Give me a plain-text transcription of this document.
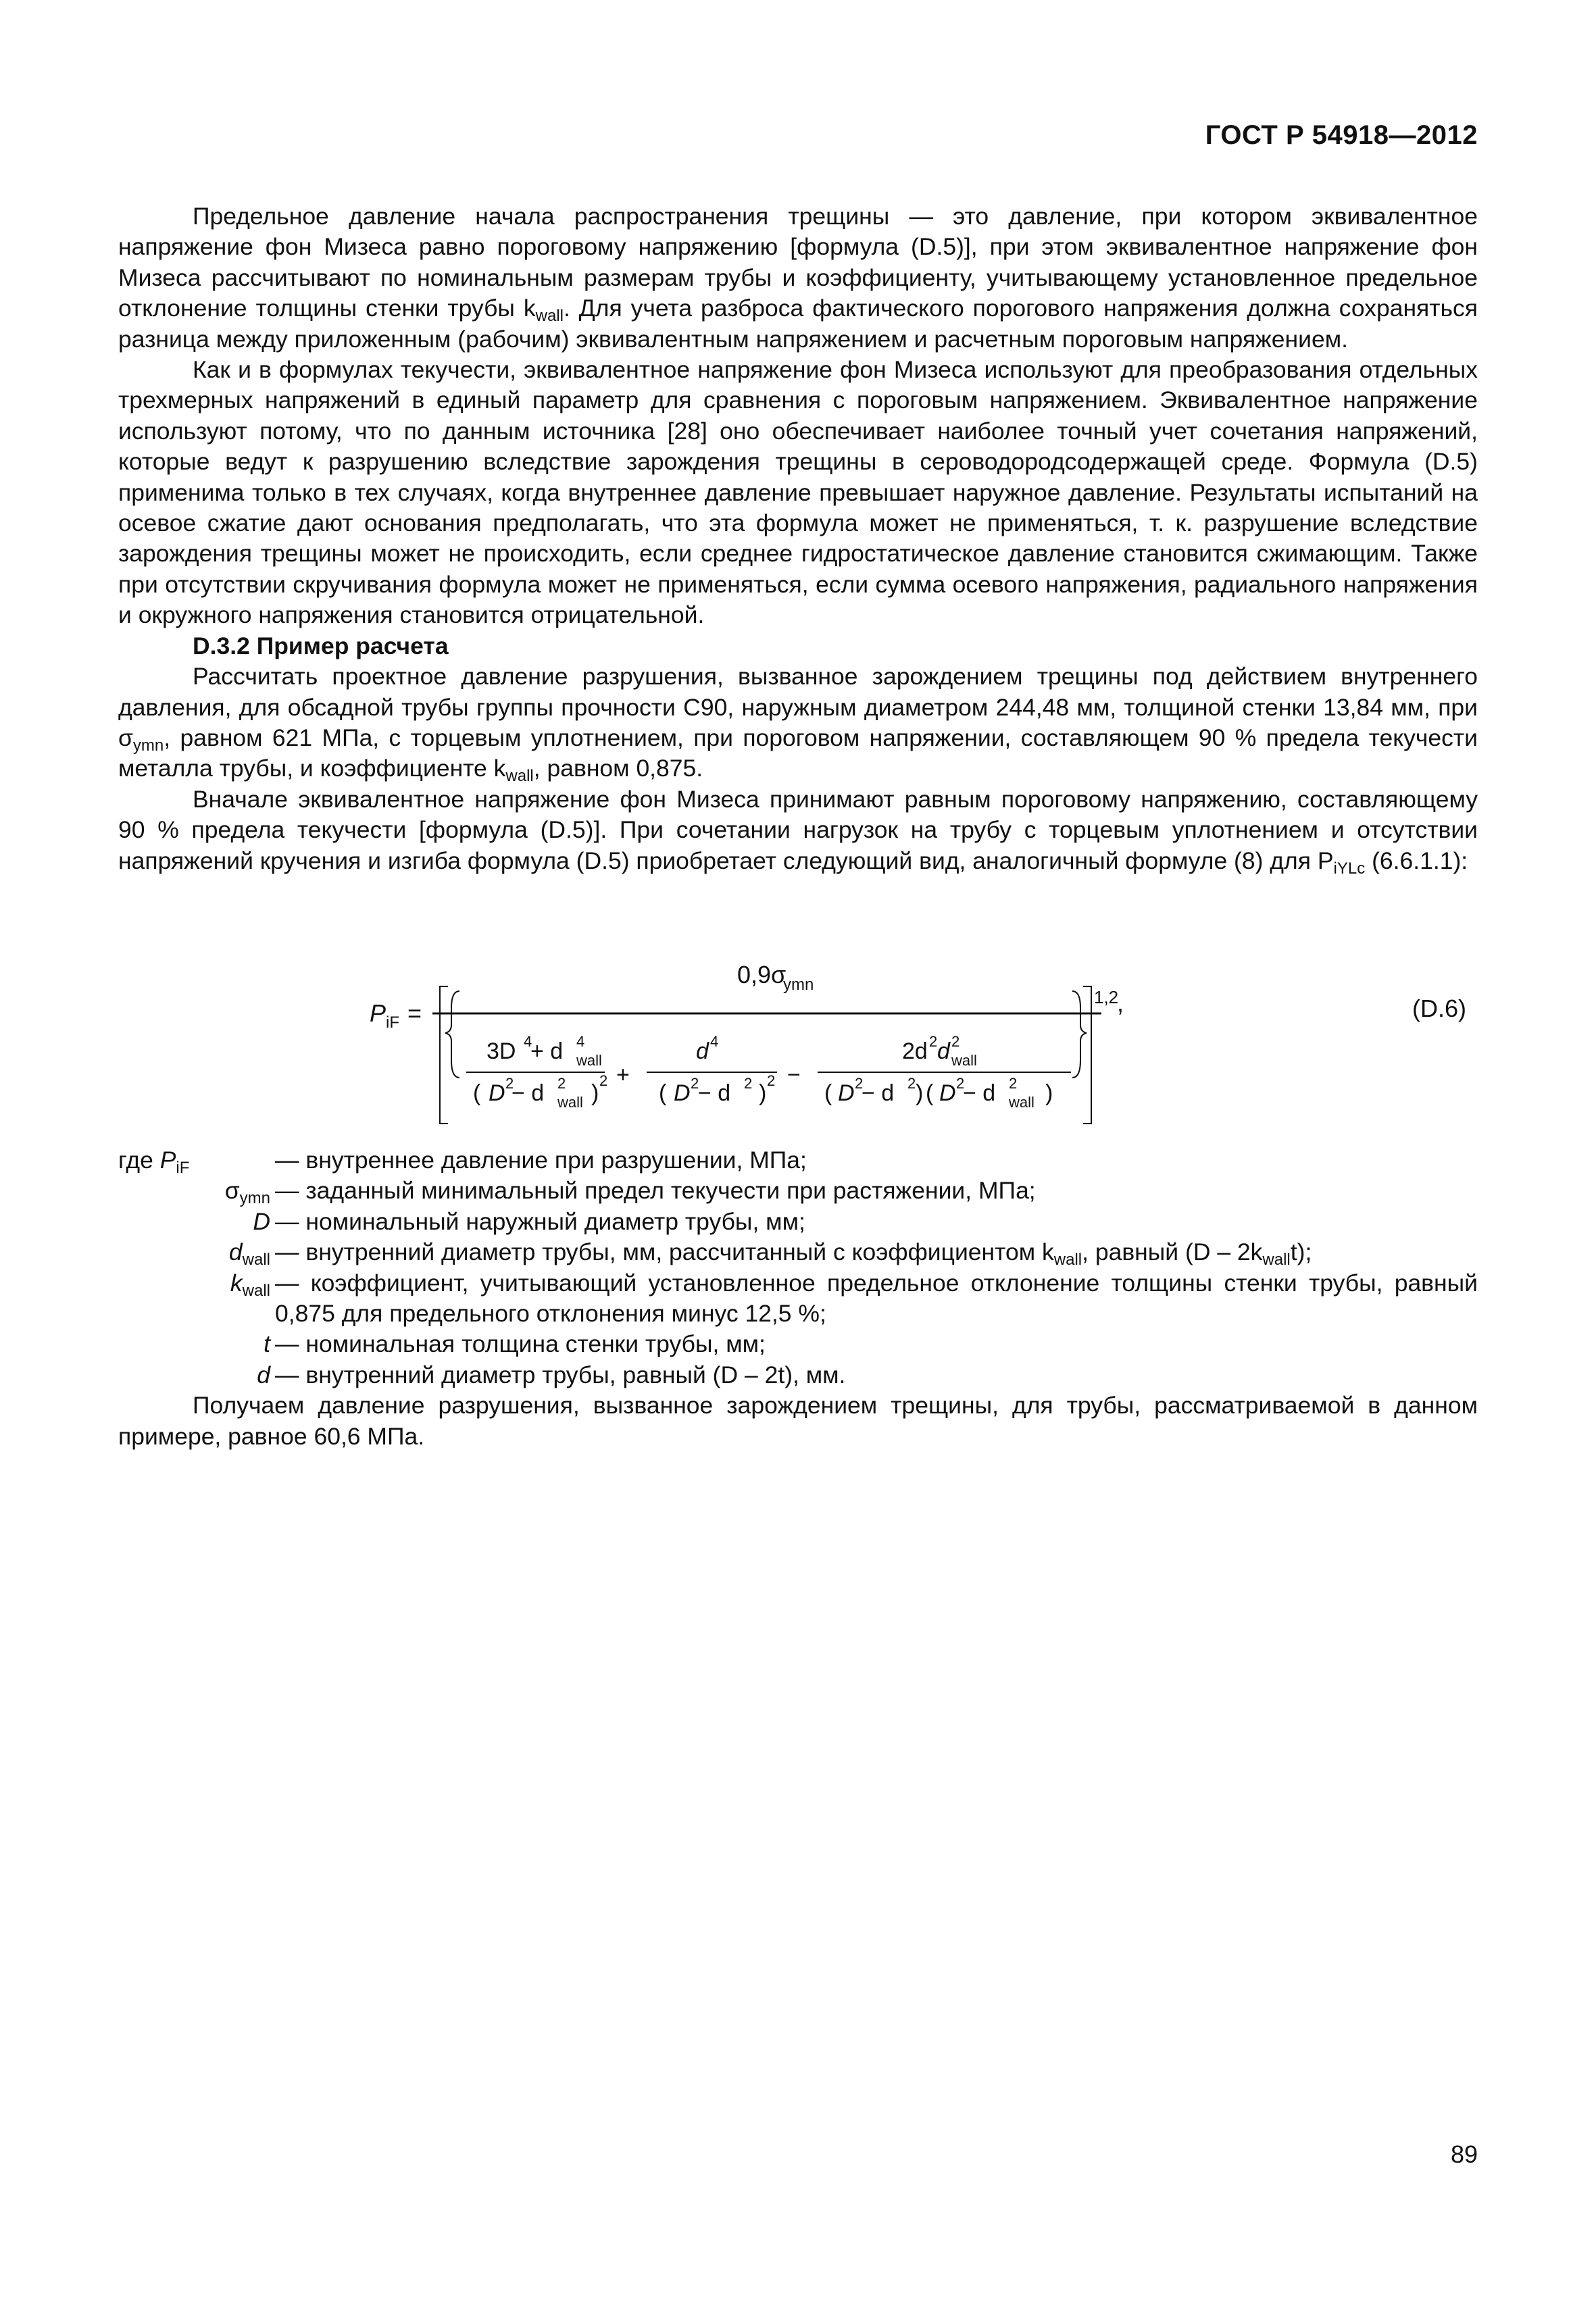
ГОСТ Р 54918—2012

Предельное давление начала распространения трещины — это давление, при котором эквивалентное напряжение фон Мизеса равно пороговому напряжению [формула (D.5)], при этом эквивалентное напряжение фон Мизеса рассчитывают по номинальным размерам трубы и коэффициенту, учитывающему установленное предельное отклонение толщины стенки трубы $k_{wall}$. Для учета разброса фактического порогового напряжения должна сохраняться разница между приложенным (рабочим) эквивалентным напряжением и расчетным пороговым напряжением.

Как и в формулах текучести, эквивалентное напряжение фон Мизеса используют для преобразования отдельных трехмерных напряжений в единый параметр для сравнения с пороговым напряжением. Эквивалентное напряжение используют потому, что по данным источника [28] оно обеспечивает наиболее точный учет сочетания напряжений, которые ведут к разрушению вследствие зарождения трещины в сероводородсодержащей среде. Формула (D.5) применима только в тех случаях, когда внутреннее давление превышает наружное давление. Результаты испытаний на осевое сжатие дают основания предполагать, что эта формула может не применяться, т. к. разрушение вследствие зарождения трещины может не происходить, если среднее гидростатическое давление становится сжимающим. Также при отсутствии скручивания формула может не применяться, если сумма осевого напряжения, радиального напряжения и окружного напряжения становится отрицательной.

D.3.2 Пример расчета

Рассчитать проектное давление разрушения, вызванное зарождением трещины под действием внутреннего давления, для обсадной трубы группы прочности С90, наружным диаметром 244,48 мм, толщиной стенки 13,84 мм, при $\sigma_{ymn}$, равном 621 МПа, с торцевым уплотнением, при пороговом напряжении, составляющем 90 % предела текучести металла трубы, и коэффициенте $k_{wall}$, равном 0,875.

Вначале эквивалентное напряжение фон Мизеса принимают равным пороговому напряжению, составляющему 90 % предела текучести [формула (D.5)]. При сочетании нагрузок на трубу с торцевым уплотнением и отсутствии напряжений кручения и изгиба формула (D.5) приобретает следующий вид, аналогичный формуле (8) для $P_{iYLc}$ (6.6.1.1):

P iF =
0,9σ
ymn
1,2
,	(D.6)
3D 4
+ d 4
wall
( D 2
− d 2
wall ) 2 +
d 4
( D 2
− d 2 ) 2 −
2d 2 d 2
wall
( D 2
− d 2 ) ( D 2
− d 2
wall )
где $P_{iF}$	— внутреннее давление при разрушении, МПа;
$\sigma_{ymn}$ — заданный минимальный предел текучести при растяжении, МПа;
D — номинальный наружный диаметр трубы, мм;
$d_{wall}$ — внутренний диаметр трубы, мм, рассчитанный с коэффициентом $k_{wall}$, равный $(D - 2k_{wall}t)$;
$k_{wall}$ — коэффициент, учитывающий установленное предельное отклонение толщины стенки трубы, равный 0,875 для предельного отклонения минус 12,5 %;
t — номинальная толщина стенки трубы, мм;
d — внутренний диаметр трубы, равный (D – 2t), мм.

Получаем давление разрушения, вызванное зарождением трещины, для трубы, рассматриваемой в данном примере, равное 60,6 МПа.

89
